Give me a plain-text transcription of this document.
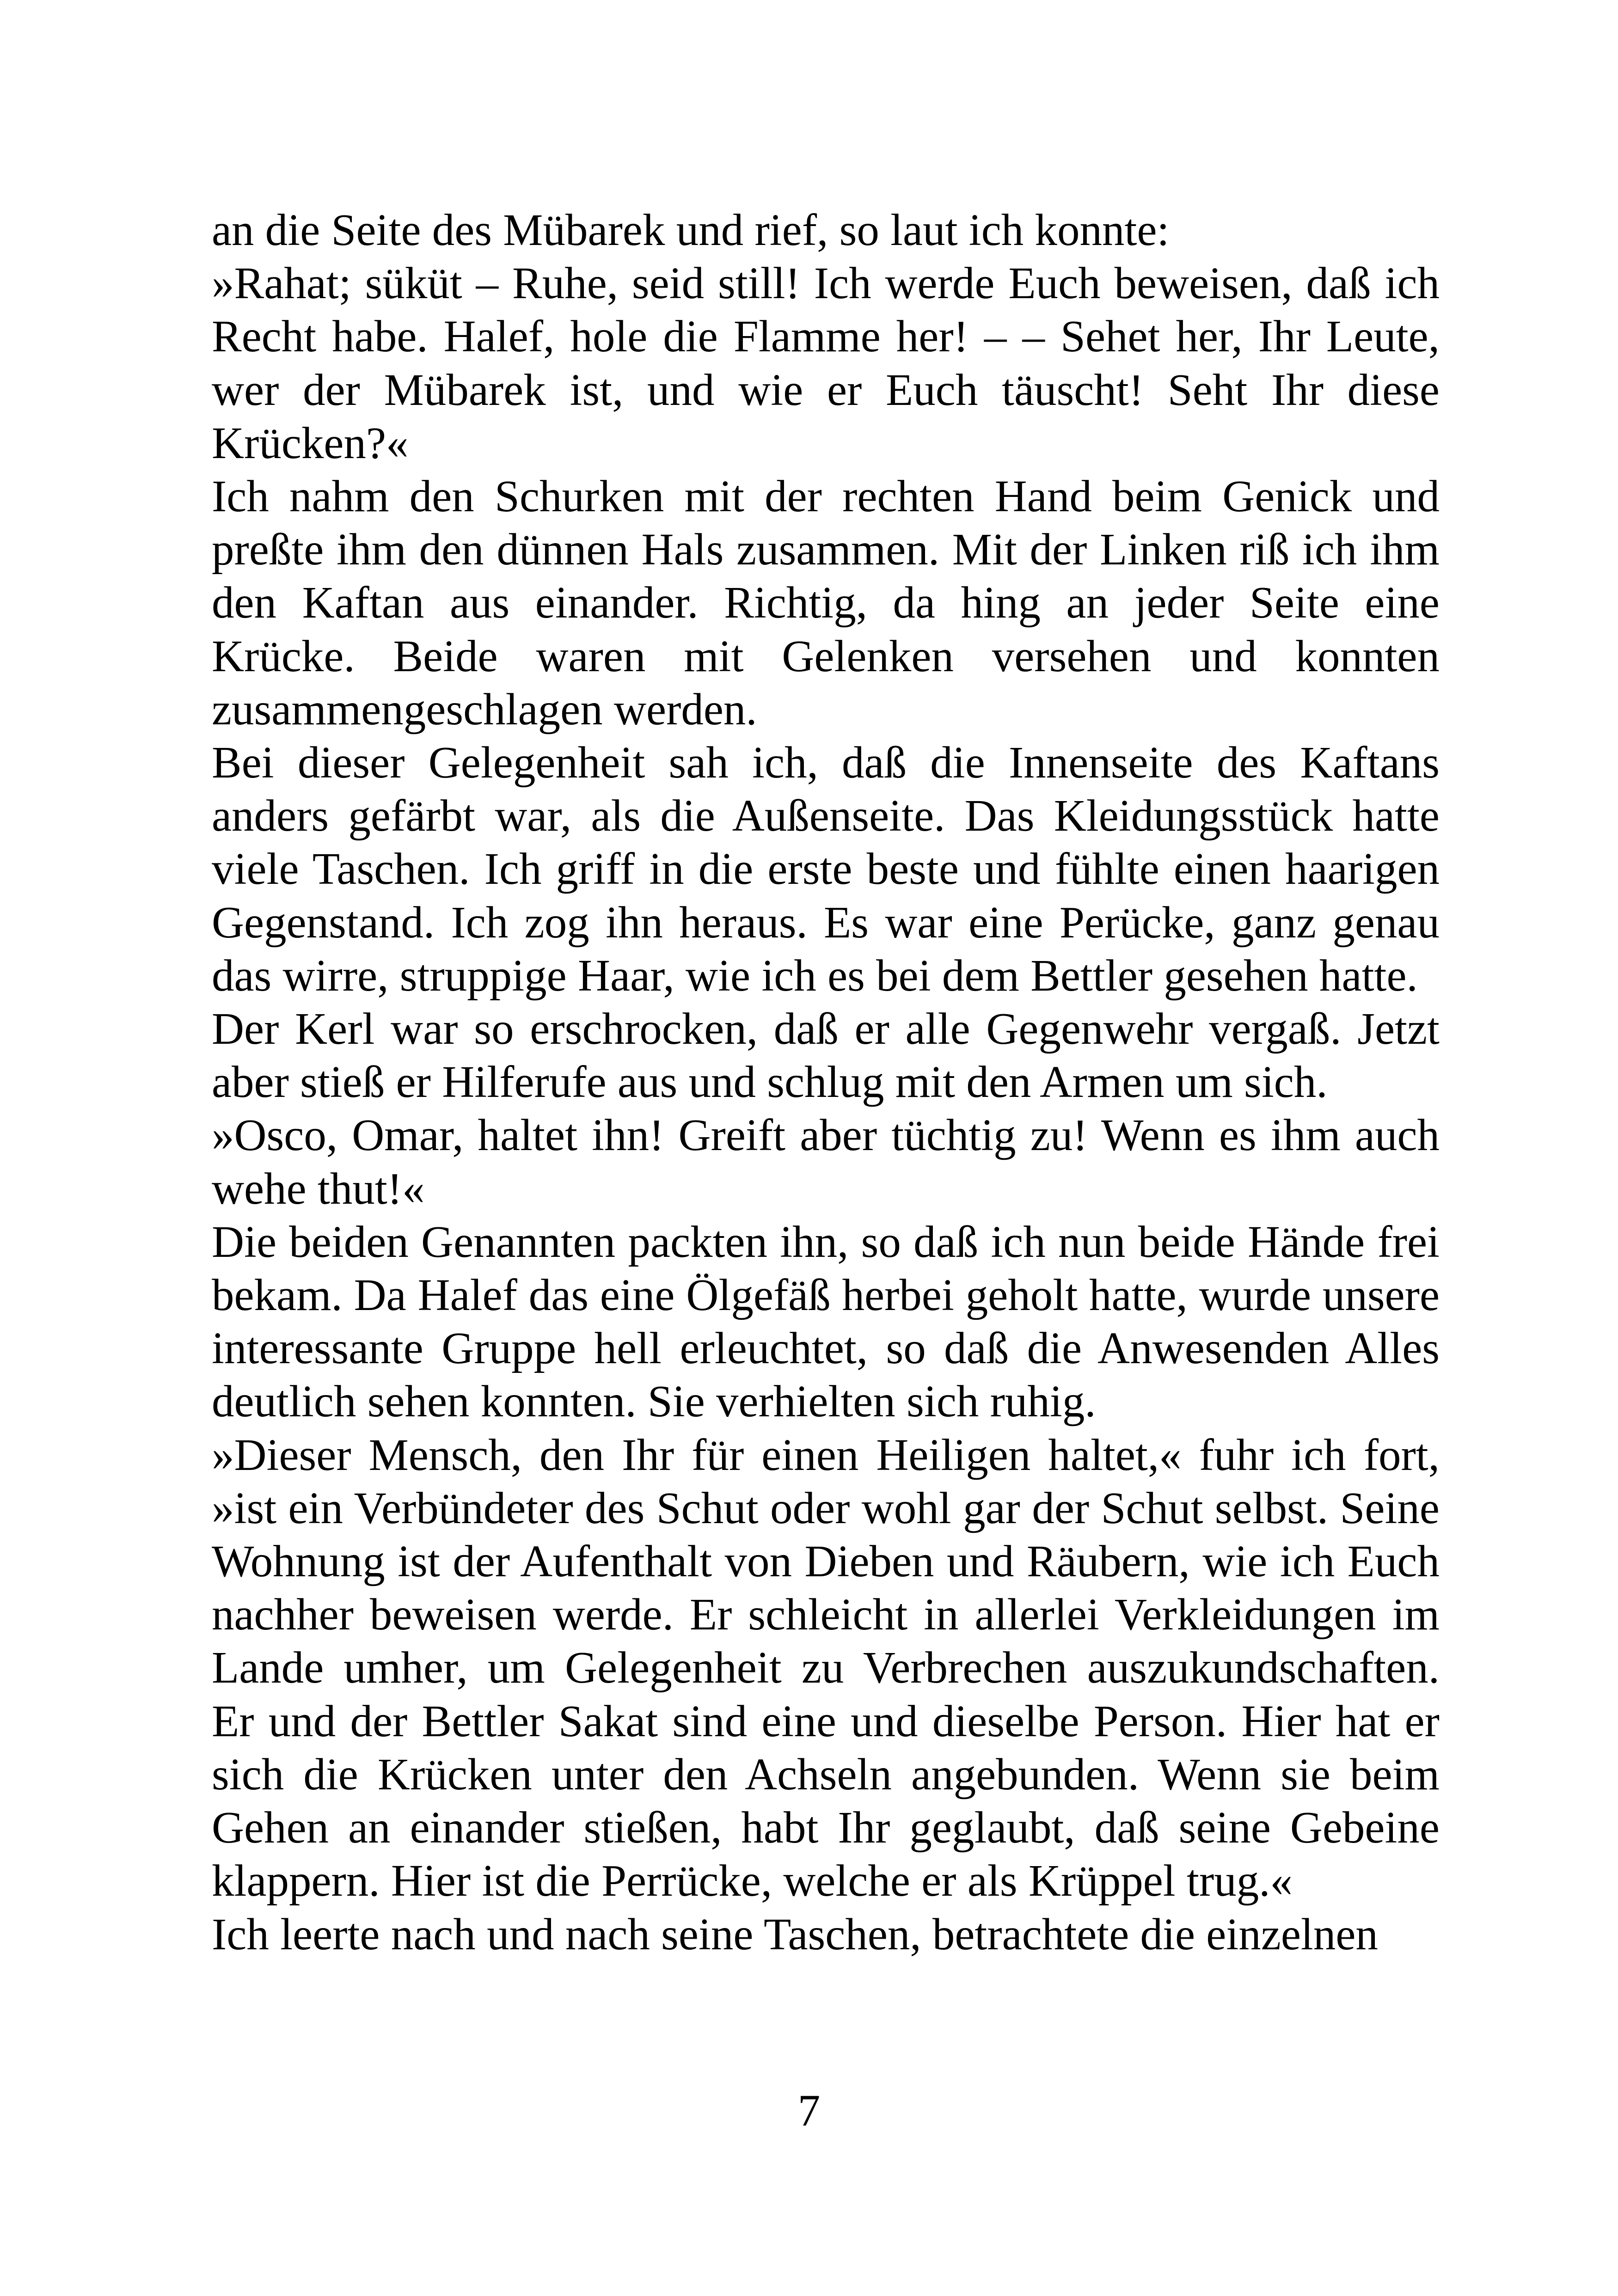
an die Seite des Mübarek und rief, so laut ich konnte:

»Rahat; süküt – Ruhe, seid still! Ich werde Euch beweisen, daß ich Recht habe. Halef, hole die Flamme her! – – Sehet her, Ihr Leute, wer der Mübarek ist, und wie er Euch täuscht! Seht Ihr diese Krücken?«

Ich nahm den Schurken mit der rechten Hand beim Genick und preßte ihm den dünnen Hals zusammen. Mit der Linken riß ich ihm den Kaftan aus einander. Richtig, da hing an jeder Seite eine Krücke. Beide waren mit Gelenken versehen und konnten zusammengeschlagen werden.

Bei dieser Gelegenheit sah ich, daß die Innenseite des Kaftans anders gefärbt war, als die Außenseite. Das Kleidungsstück hatte viele Taschen. Ich griff in die erste beste und fühlte einen haarigen Gegenstand. Ich zog ihn heraus. Es war eine Perücke, ganz genau das wirre, struppige Haar, wie ich es bei dem Bettler gesehen hatte.

Der Kerl war so erschrocken, daß er alle Gegenwehr vergaß. Jetzt aber stieß er Hilferufe aus und schlug mit den Armen um sich.

»Osco, Omar, haltet ihn! Greift aber tüchtig zu! Wenn es ihm auch wehe thut!«

Die beiden Genannten packten ihn, so daß ich nun beide Hände frei bekam. Da Halef das eine Ölgefäß herbei geholt hatte, wurde unsere interessante Gruppe hell erleuchtet, so daß die Anwesenden Alles deutlich sehen konnten. Sie verhielten sich ruhig.

»Dieser Mensch, den Ihr für einen Heiligen haltet,« fuhr ich fort, »ist ein Verbündeter des Schut oder wohl gar der Schut selbst. Seine Wohnung ist der Aufenthalt von Dieben und Räubern, wie ich Euch nachher beweisen werde. Er schleicht in allerlei Verkleidungen im Lande umher, um Gelegenheit zu Verbrechen auszukundschaften. Er und der Bettler Sakat sind eine und dieselbe Person. Hier hat er sich die Krücken unter den Achseln angebunden. Wenn sie beim Gehen an einander stießen, habt Ihr geglaubt, daß seine Gebeine klappern. Hier ist die Perrücke, welche er als Krüppel trug.«

Ich leerte nach und nach seine Taschen, betrachtete die einzelnen

7
